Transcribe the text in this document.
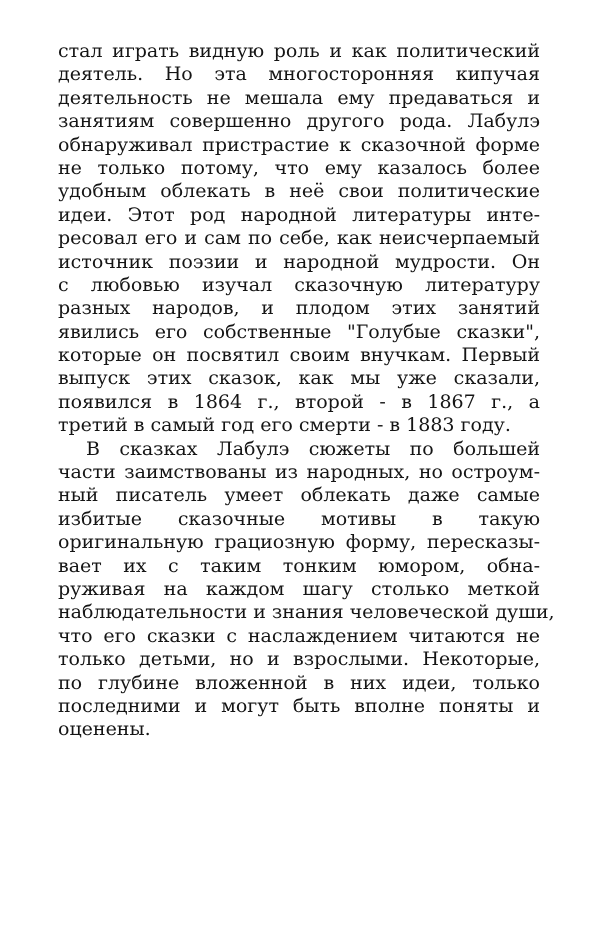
стал играть видную роль и как политический
деятель. Но эта многосторонняя кипучая
деятельность не мешала ему предаваться и
занятиям совершенно другого рода. Лабулэ
обнаруживал пристрастие к сказочной форме
не только потому, что ему казалось более
удобным облекать в неё свои политические
идеи. Этот род народной литературы инте-
ресовал его и сам по себе, как неисчерпаемый
источник поэзии и народной мудрости. Он
с любовью изучал сказочную литературу
разных народов, и плодом этих занятий
явились его собственные "Голубые сказки",
которые он посвятил своим внучкам. Первый
выпуск этих сказок, как мы уже сказали,
появился в 1864 г., второй - в 1867 г., а
третий в самый год его смерти - в 1883 году.
В сказках Лабулэ сюжеты по большей
части заимствованы из народных, но остроум-
ный писатель умеет облекать даже самые
избитые сказочные мотивы в такую
оригинальную грациозную форму, пересказы-
вает их с таким тонким юмором, обна-
руживая на каждом шагу столько меткой
наблюдательности и знания человеческой души,
что его сказки с наслаждением читаются не
только детьми, но и взрослыми. Некоторые,
по глубине вложенной в них идеи, только
последними и могут быть вполне поняты и
оценены.
